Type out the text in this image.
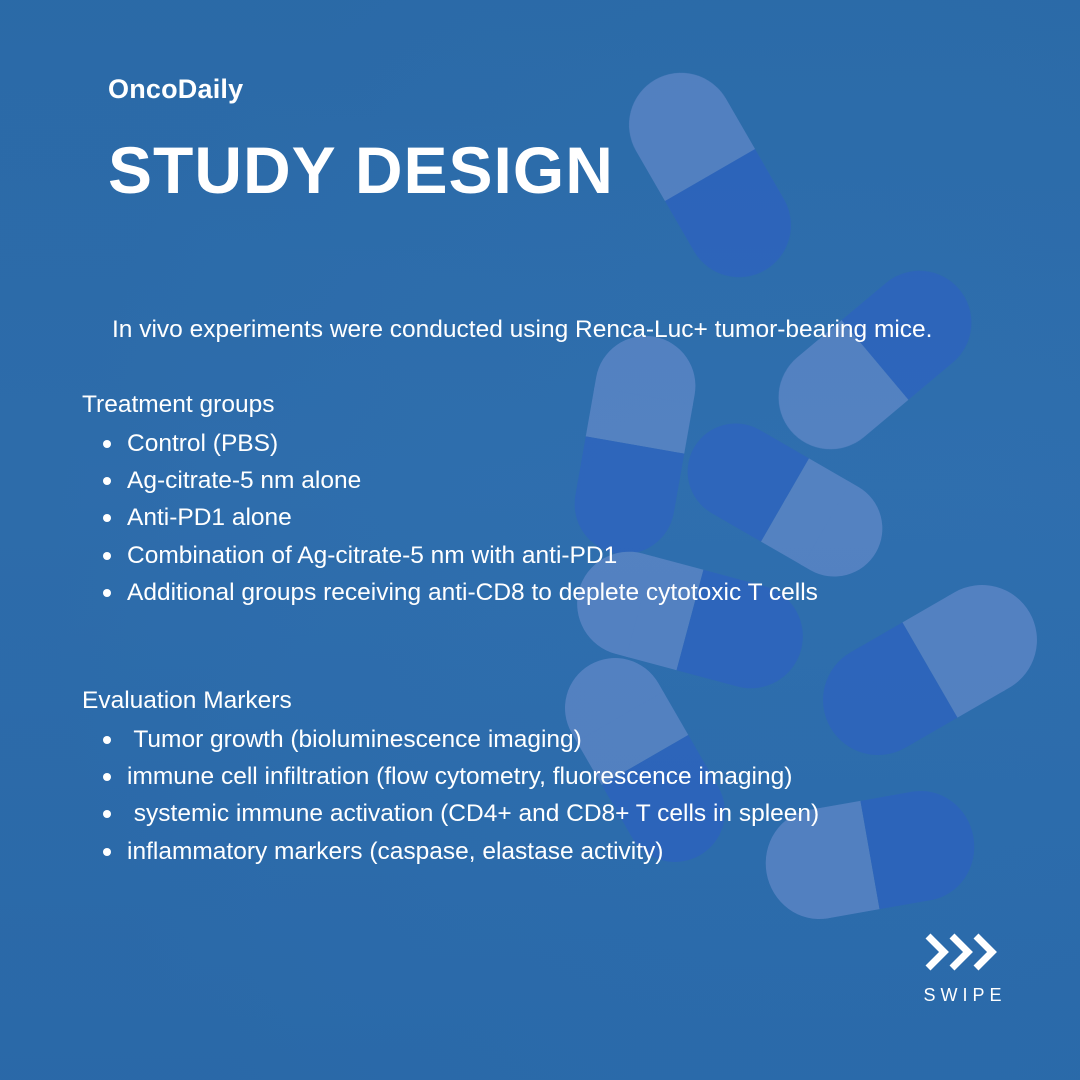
OncoDaily
STUDY DESIGN
In vivo experiments were conducted using Renca-Luc+ tumor-bearing mice.
Treatment groups
Control (PBS)
Ag-citrate-5 nm alone
Anti-PD1 alone
Combination of Ag-citrate-5 nm with anti-PD1
Additional groups receiving anti-CD8 to deplete cytotoxic T cells
Evaluation Markers
Tumor growth (bioluminescence imaging)
immune cell infiltration (flow cytometry, fluorescence imaging)
systemic immune activation (CD4+ and CD8+ T cells in spleen)
inflammatory markers (caspase, elastase activity)
SWIPE
